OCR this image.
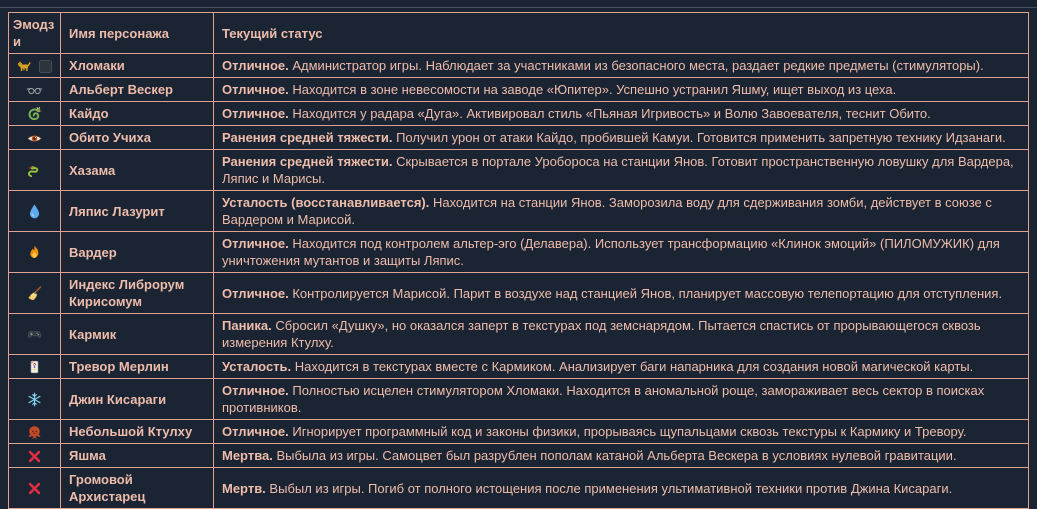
Эмодзи	Имя персонажа	Текущий статус

	Хломаки	Отличное. Администратор игры. Наблюдает за участниками из безопасного места, раздает редкие предметы (стимуляторы).

	Альберт Вескер	Отличное. Находится в зоне невесомости на заводе «Юпитер». Успешно устранил Яшму, ищет выход из цеха.

	Кайдо	Отличное. Находится у радара «Дуга». Активировал стиль «Пьяная Игривость» и Волю Завоевателя, теснит Обито.

	Обито Учиха	Ранения средней тяжести. Получил урон от атаки Кайдо, пробившей Камуи. Готовится применить запретную технику Идзанаги.

	Хазама	Ранения средней тяжести. Скрывается в портале Уробороса на станции Янов. Готовит пространственную ловушку для Вардера, Ляпис и Марисы.

	Ляпис Лазурит	Усталость (восстанавливается). Находится на станции Янов. Заморозила воду для сдерживания зомби, действует в союзе с Вардером и Марисой.

	Вардер	Отличное. Находится под контролем альтер-эго (Делавера). Использует трансформацию «Клинок эмоций» (ПИЛОМУЖИК) для уничтожения мутантов и защиты Ляпис.

	Индекс Либрорум Кирисомум	Отличное. Контролируется Марисой. Парит в воздухе над станцией Янов, планирует массовую телепортацию для отступления.

	Кармик	Паника. Сбросил «Душку», но оказался заперт в текстурах под земснарядом. Пытается спастись от прорывающегося сквозь измерения Ктулху.

	Тревор Мерлин	Усталость. Находится в текстурах вместе с Кармиком. Анализирует баги напарника для создания новой магической карты.

	Джин Кисараги	Отличное. Полностью исцелен стимулятором Хломаки. Находится в аномальной роще, замораживает весь сектор в поисках противников.

	Небольшой Ктулху	Отличное. Игнорирует программный код и законы физики, прорываясь щупальцами сквозь текстуры к Кармику и Тревору.

	Яшма	Мертва. Выбыла из игры. Самоцвет был разрублен пополам катаной Альберта Вескера в условиях нулевой гравитации.

	Громовой Архистарец	Мертв. Выбыл из игры. Погиб от полного истощения после применения ультимативной техники против Джина Кисараги.
